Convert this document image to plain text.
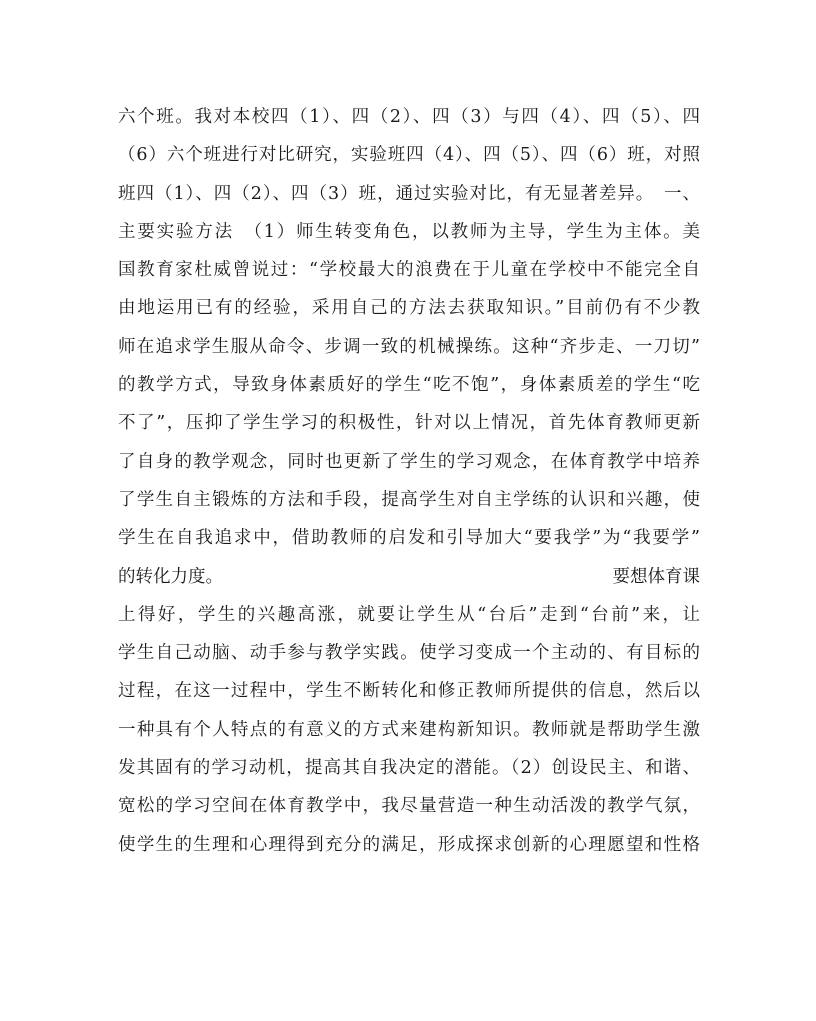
六个班。我对本校四（1）、四（2）、四（3）与四（4）、四（5）、四
（6）六个班进行对比研究，实验班四（4）、四（5）、四（6）班，对照
班四（1）、四（2）、四（3）班，通过实验对比，有无显著差异。　一、
主要实验方法　（1）师生转变角色，以教师为主导，学生为主体。美
国教育家杜威曾说过：“学校最大的浪费在于儿童在学校中不能完全自
由地运用已有的经验，采用自己的方法去获取知识。”目前仍有不少教
师在追求学生服从命令、步调一致的机械操练。这种“齐步走、一刀切”
的教学方式，导致身体素质好的学生“吃不饱”，身体素质差的学生“吃
不了”，压抑了学生学习的积极性，针对以上情况，首先体育教师更新
了自身的教学观念，同时也更新了学生的学习观念，在体育教学中培养
了学生自主锻炼的方法和手段，提高学生对自主学练的认识和兴趣，使
学生在自我追求中，借助教师的启发和引导加大“要我学”为“我要学”
的转化力度。	要想体育课
上得好，学生的兴趣高涨，就要让学生从“台后”走到“台前”来，让
学生自己动脑、动手参与教学实践。使学习变成一个主动的、有目标的
过程，在这一过程中，学生不断转化和修正教师所提供的信息，然后以
一种具有个人特点的有意义的方式来建构新知识。教师就是帮助学生激
发其固有的学习动机，提高其自我决定的潜能。（2）创设民主、和谐、
宽松的学习空间在体育教学中，我尽量营造一种生动活泼的教学气氛，
使学生的生理和心理得到充分的满足，形成探求创新的心理愿望和性格
